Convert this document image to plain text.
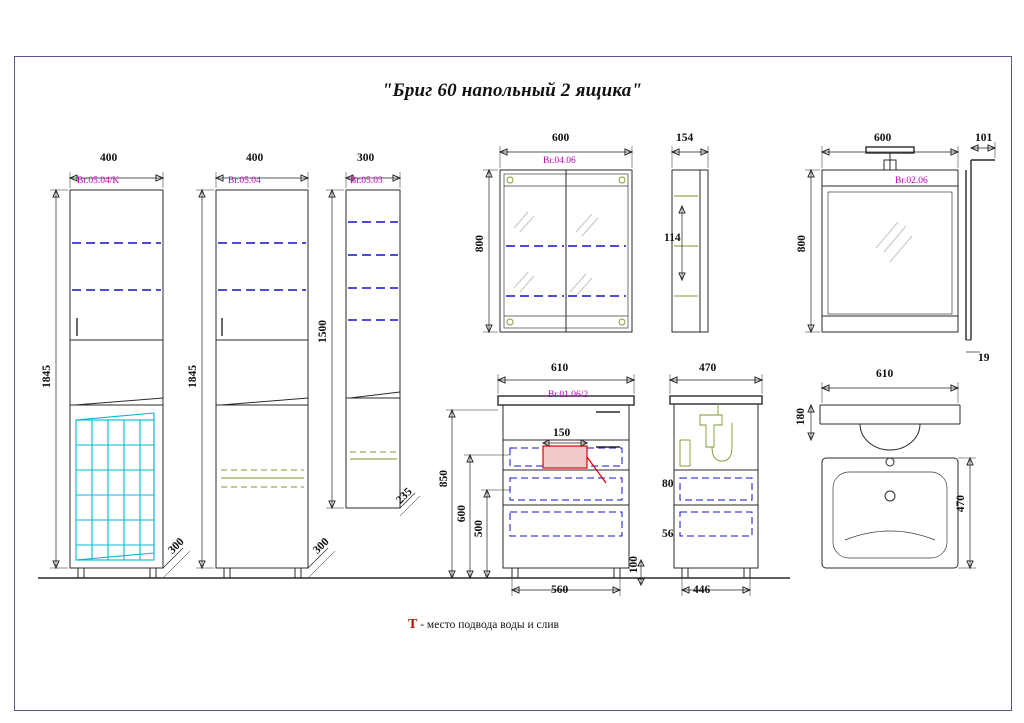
"Бриг 60 напольный 2 ящика"
Br.05.04/K	Br.05.04	Br.05.03
Br.04.06
Br.02.06
Br.01.06/2
400
1845
300
400
1845
300
300
1500
235
600
800
154
114
600
800
101
19
610
150
850
600
500
100
560
470
446
80
56
610
180
470
T - место подвода воды и слив
